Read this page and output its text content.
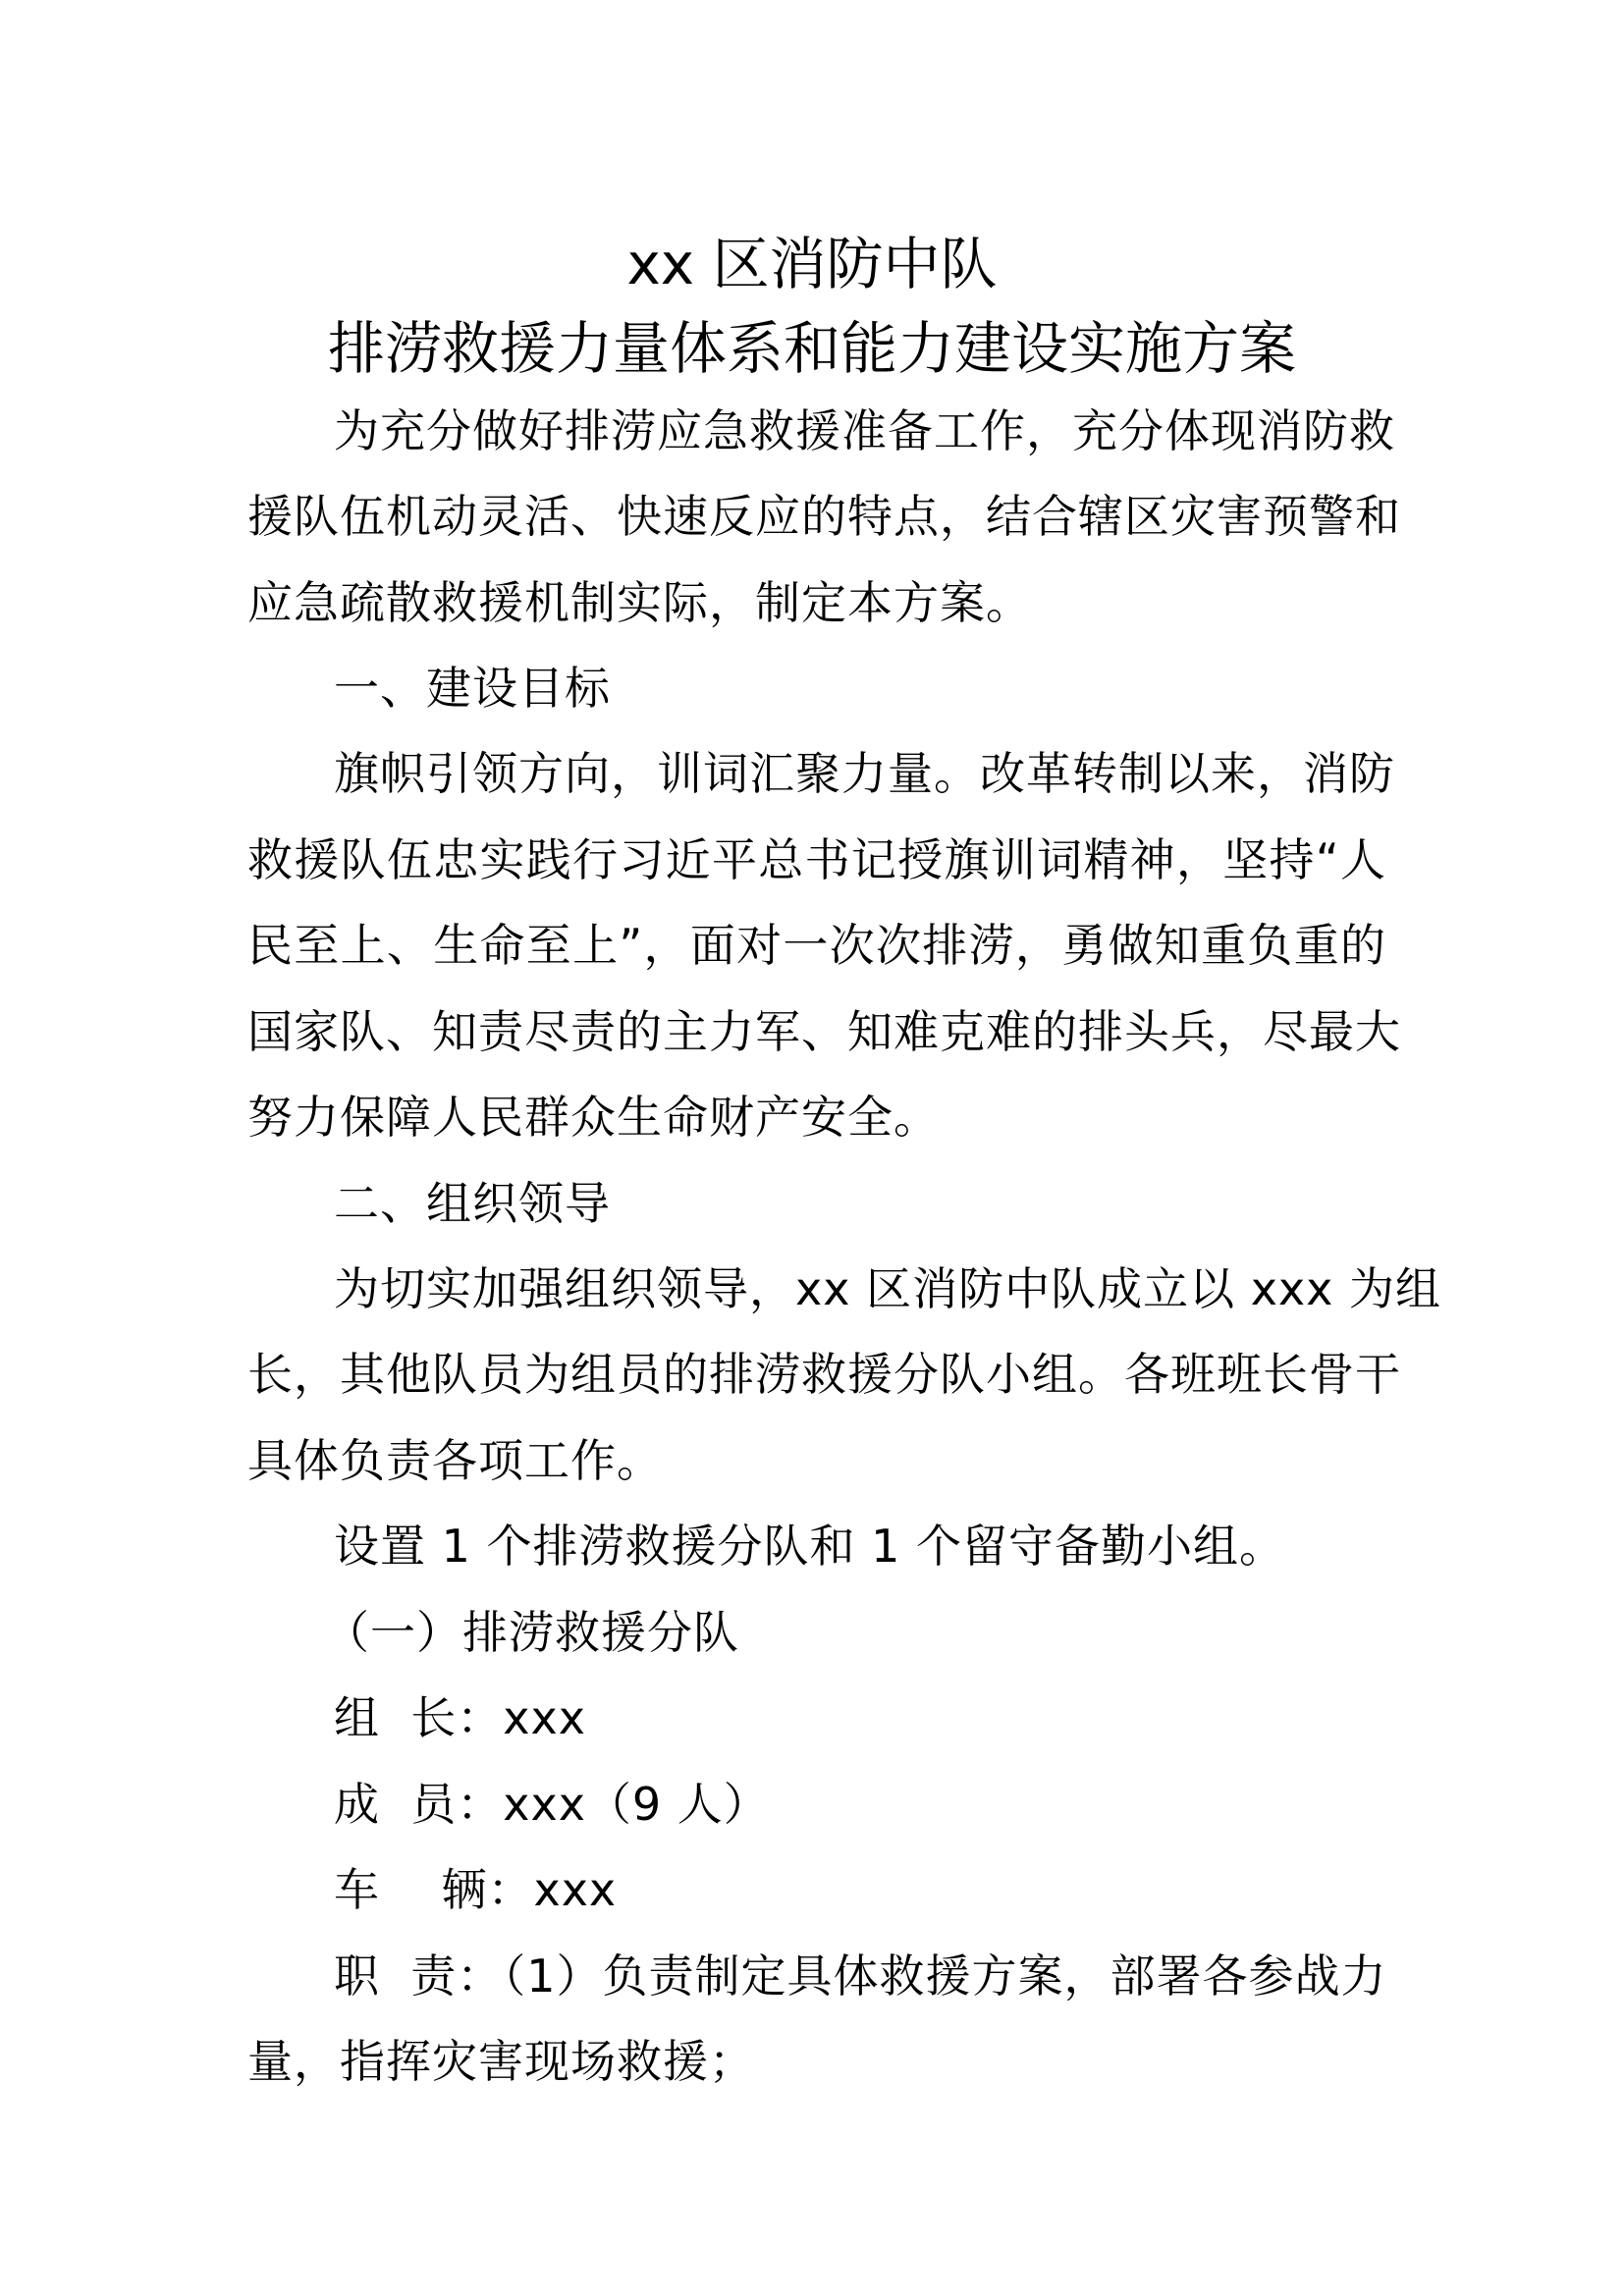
xx 区消防中队
排涝救援力量体系和能力建设实施方案
为充分做好排涝应急救援准备工作，充分体现消防救
援队伍机动灵活、快速反应的特点，结合辖区灾害预警和
应急疏散救援机制实际，制定本方案。
一、建设目标
旗帜引领方向，训词汇聚力量。改革转制以来，消防
救援队伍忠实践行习近平总书记授旗训词精神，坚持“人
民至上、生命至上”，面对一次次排涝，勇做知重负重的
国家队、知责尽责的主力军、知难克难的排头兵，尽最大
努力保障人民群众生命财产安全。
二、组织领导
为切实加强组织领导，xx 区消防中队成立以 xxx 为组
长，其他队员为组员的排涝救援分队小组。各班班长骨干
具体负责各项工作。
设置 1 个排涝救援分队和 1 个留守备勤小组。
（一）排涝救援分队
组  长：xxx
成  员：xxx（9 人）
车    辆：xxx
职  责：（1）负责制定具体救援方案，部署各参战力
量，指挥灾害现场救援；
